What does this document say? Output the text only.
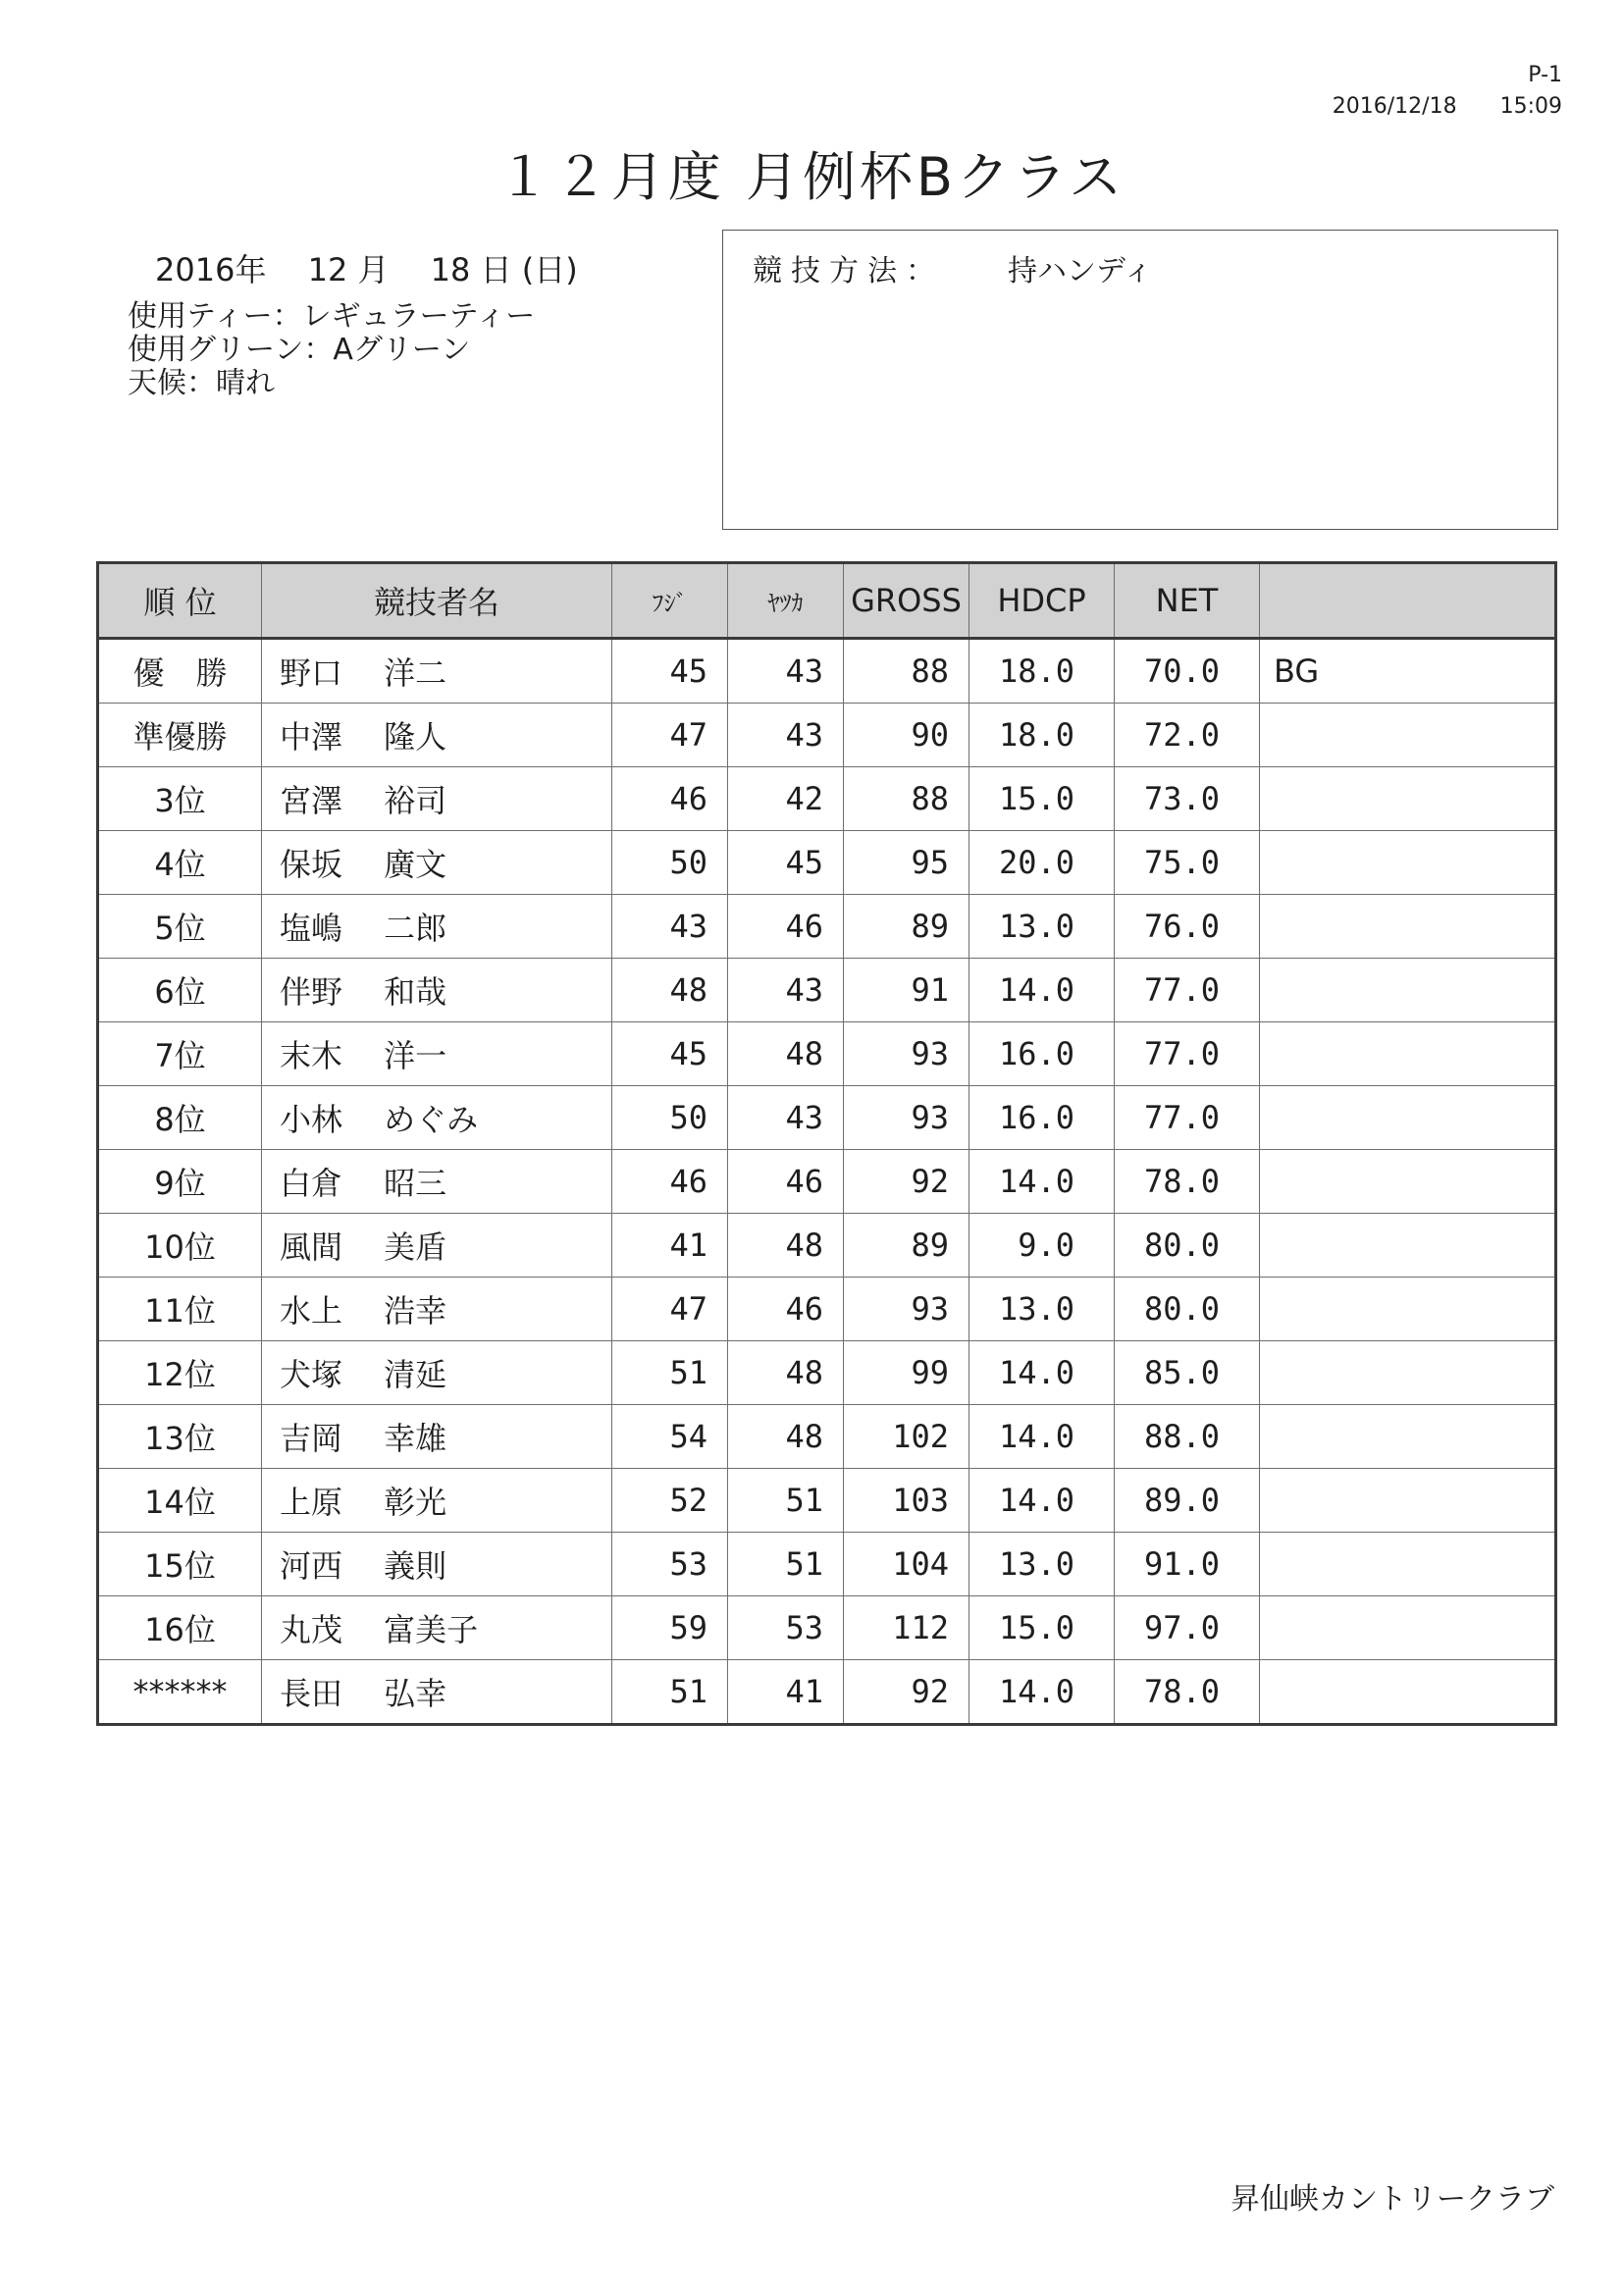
P-1
2016/12/18 15:09
１２月度 月例杯Bクラス
2016年　 12 月　 18 日 (日)
使用ティー：レギュラーティー
使用グリーン：Aグリーン
天候：晴れ
競技方法： 持ハンディ
順 位	競技者名	ﾌｼﾞ	ﾔﾂｶ	GROSS	HDCP	NET	
優　勝	野口　 洋二	45	43	88	18.0	70.0	BG
準優勝	中澤　 隆人	47	43	90	18.0	72.0	
3位	宮澤　 裕司	46	42	88	15.0	73.0	
4位	保坂　 廣文	50	45	95	20.0	75.0	
5位	塩嶋　 二郎	43	46	89	13.0	76.0	
6位	伴野　 和哉	48	43	91	14.0	77.0	
7位	末木　 洋一	45	48	93	16.0	77.0	
8位	小林　 めぐみ	50	43	93	16.0	77.0	
9位	白倉　 昭三	46	46	92	14.0	78.0	
10位	風間　 美盾	41	48	89	9.0	80.0	
11位	水上　 浩幸	47	46	93	13.0	80.0	
12位	犬塚　 清延	51	48	99	14.0	85.0	
13位	吉岡　 幸雄	54	48	102	14.0	88.0	
14位	上原　 彰光	52	51	103	14.0	89.0	
15位	河西　 義則	53	51	104	13.0	91.0	
16位	丸茂　 富美子	59	53	112	15.0	97.0	
******	長田　 弘幸	51	41	92	14.0	78.0	
昇仙峡カントリークラブ
